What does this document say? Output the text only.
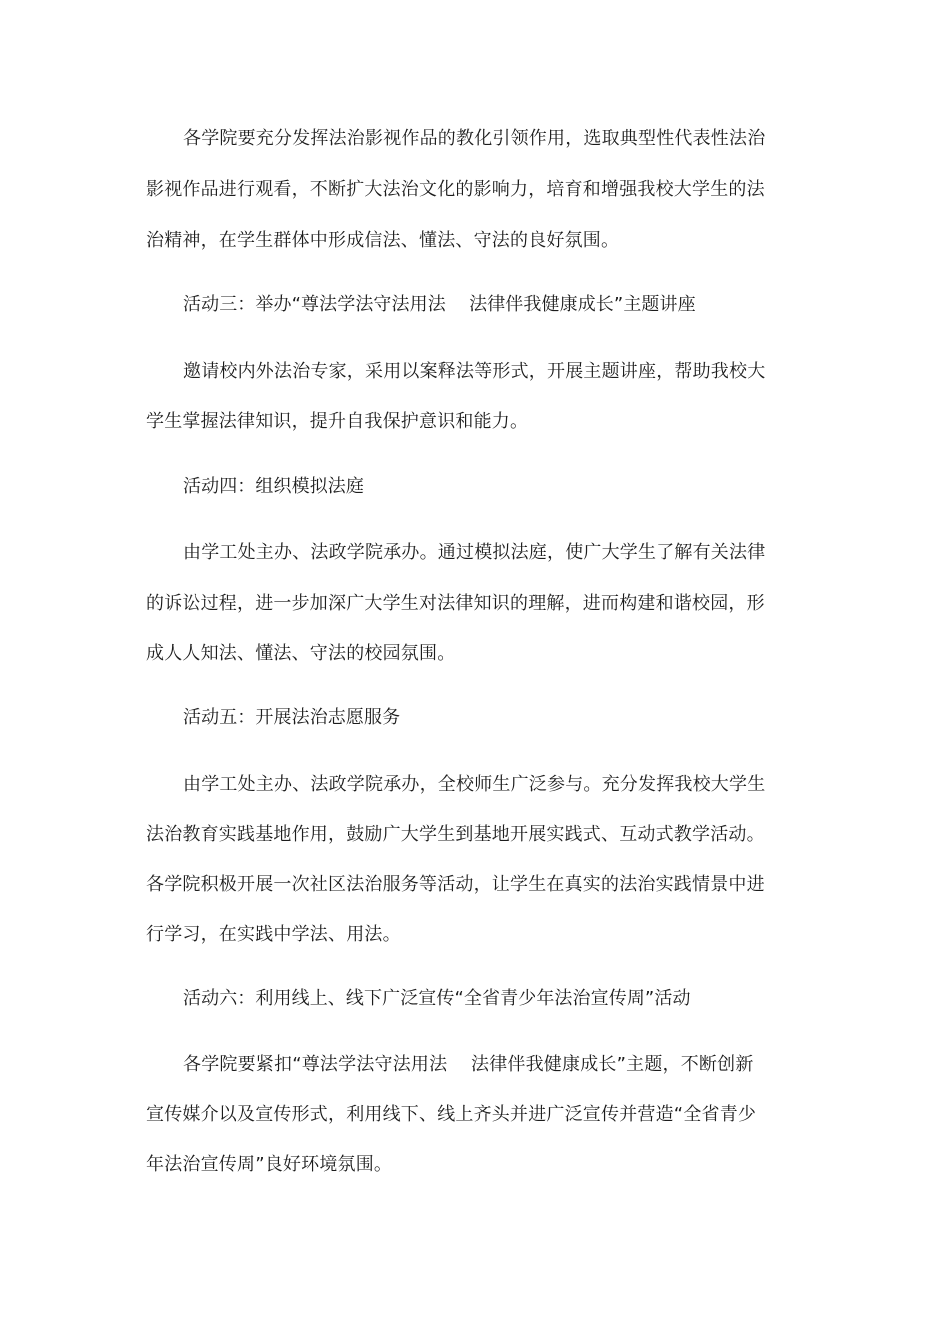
各学院要充分发挥法治影视作品的教化引领作用，选取典型性代表性法治

影视作品进行观看，不断扩大法治文化的影响力，培育和增强我校大学生的法

治精神，在学生群体中形成信法、懂法、守法的良好氛围。

活动三：举办“尊法学法守法用法    法律伴我健康成长”主题讲座

邀请校内外法治专家，采用以案释法等形式，开展主题讲座，帮助我校大

学生掌握法律知识，提升自我保护意识和能力。

活动四：组织模拟法庭

由学工处主办、法政学院承办。通过模拟法庭，使广大学生了解有关法律

的诉讼过程，进一步加深广大学生对法律知识的理解，进而构建和谐校园，形

成人人知法、懂法、守法的校园氛围。

活动五：开展法治志愿服务

由学工处主办、法政学院承办，全校师生广泛参与。充分发挥我校大学生

法治教育实践基地作用，鼓励广大学生到基地开展实践式、互动式教学活动。

各学院积极开展一次社区法治服务等活动，让学生在真实的法治实践情景中进

行学习，在实践中学法、用法。

活动六：利用线上、线下广泛宣传“全省青少年法治宣传周”活动

各学院要紧扣“尊法学法守法用法    法律伴我健康成长”主题，不断创新

宣传媒介以及宣传形式，利用线下、线上齐头并进广泛宣传并营造“全省青少

年法治宣传周”良好环境氛围。
